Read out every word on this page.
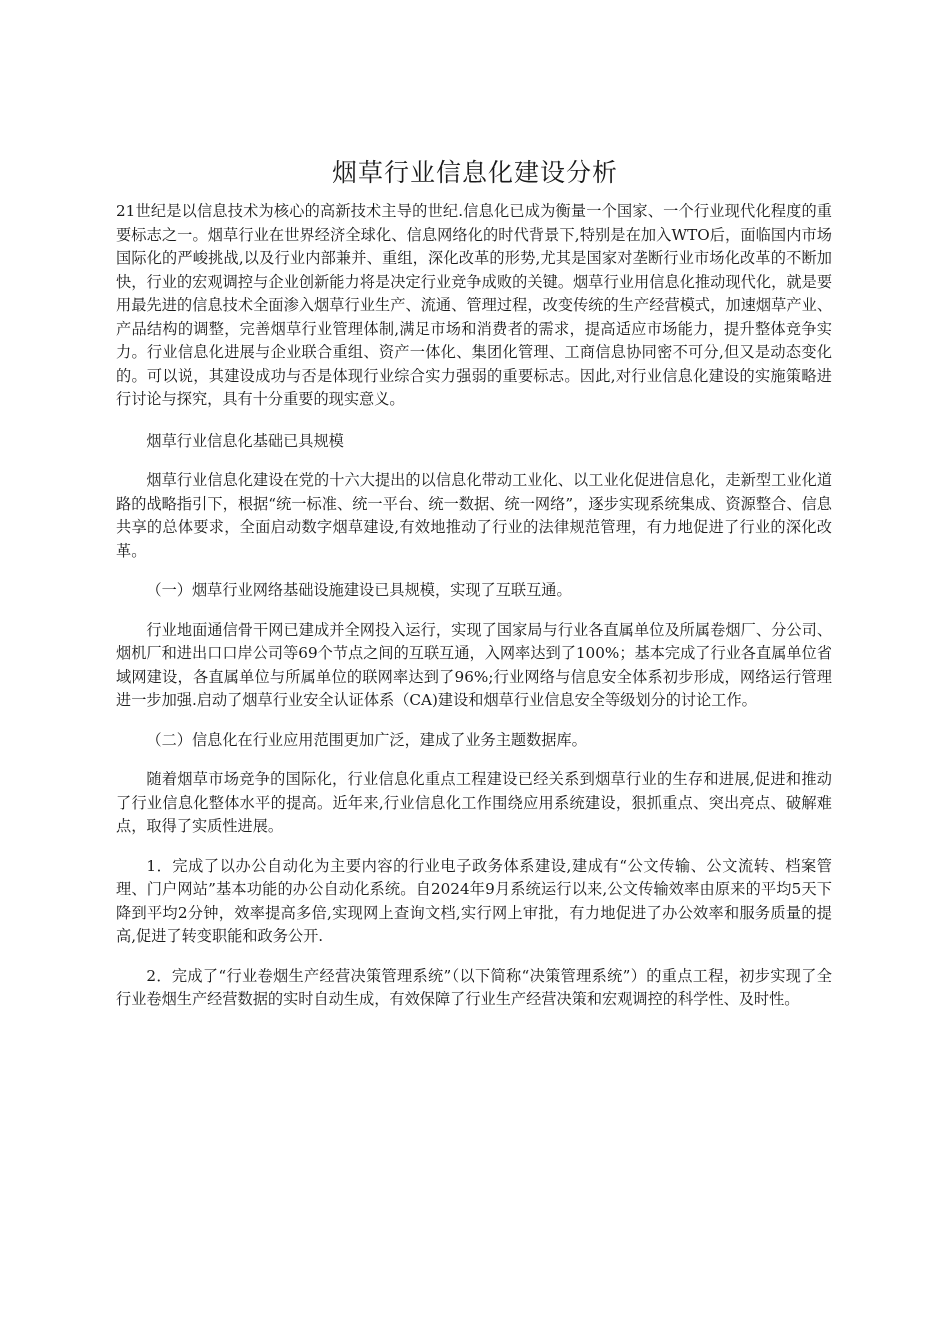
烟草行业信息化建设分析

21世纪是以信息技术为核心的高新技术主导的世纪.信息化已成为衡量一个国家、一个行业现代化程度的重要标志之一。烟草行业在世界经济全球化、信息网络化的时代背景下,特别是在加入WTO后，面临国内市场国际化的严峻挑战,以及行业内部兼并、重组，深化改革的形势,尤其是国家对垄断行业市场化改革的不断加快，行业的宏观调控与企业创新能力将是决定行业竞争成败的关键。烟草行业用信息化推动现代化，就是要用最先进的信息技术全面渗入烟草行业生产、流通、管理过程，改变传统的生产经营模式，加速烟草产业、产品结构的调整，完善烟草行业管理体制,满足市场和消费者的需求，提高适应市场能力，提升整体竞争实力。行业信息化进展与企业联合重组、资产一体化、集团化管理、工商信息协同密不可分,但又是动态变化的。可以说，其建设成功与否是体现行业综合实力强弱的重要标志。因此,对行业信息化建设的实施策略进行讨论与探究，具有十分重要的现实意义。

烟草行业信息化基础已具规模

烟草行业信息化建设在党的十六大提出的以信息化带动工业化、以工业化促进信息化，走新型工业化道路的战略指引下，根据“统一标准、统一平台、统一数据、统一网络”，逐步实现系统集成、资源整合、信息共享的总体要求，全面启动数字烟草建设,有效地推动了行业的法律规范管理，有力地促进了行业的深化改革。

（一）烟草行业网络基础设施建设已具规模，实现了互联互通。

行业地面通信骨干网已建成并全网投入运行，实现了国家局与行业各直属单位及所属卷烟厂、分公司、烟机厂和进出口口岸公司等69个节点之间的互联互通，入网率达到了100%；基本完成了行业各直属单位省域网建设，各直属单位与所属单位的联网率达到了96%;行业网络与信息安全体系初步形成，网络运行管理进一步加强.启动了烟草行业安全认证体系（CA)建设和烟草行业信息安全等级划分的讨论工作。

（二）信息化在行业应用范围更加广泛，建成了业务主题数据库。

随着烟草市场竞争的国际化，行业信息化重点工程建设已经关系到烟草行业的生存和进展,促进和推动了行业信息化整体水平的提高。近年来,行业信息化工作围绕应用系统建设，狠抓重点、突出亮点、破解难点，取得了实质性进展。

1．完成了以办公自动化为主要内容的行业电子政务体系建设,建成有“公文传输、公文流转、档案管理、门户网站”基本功能的办公自动化系统。自2024年9月系统运行以来,公文传输效率由原来的平均5天下降到平均2分钟，效率提高多倍,实现网上查询文档,实行网上审批，有力地促进了办公效率和服务质量的提高,促进了转变职能和政务公开.

2．完成了“行业卷烟生产经营决策管理系统”（以下简称“决策管理系统”）的重点工程，初步实现了全行业卷烟生产经营数据的实时自动生成，有效保障了行业生产经营决策和宏观调控的科学性、及时性。
